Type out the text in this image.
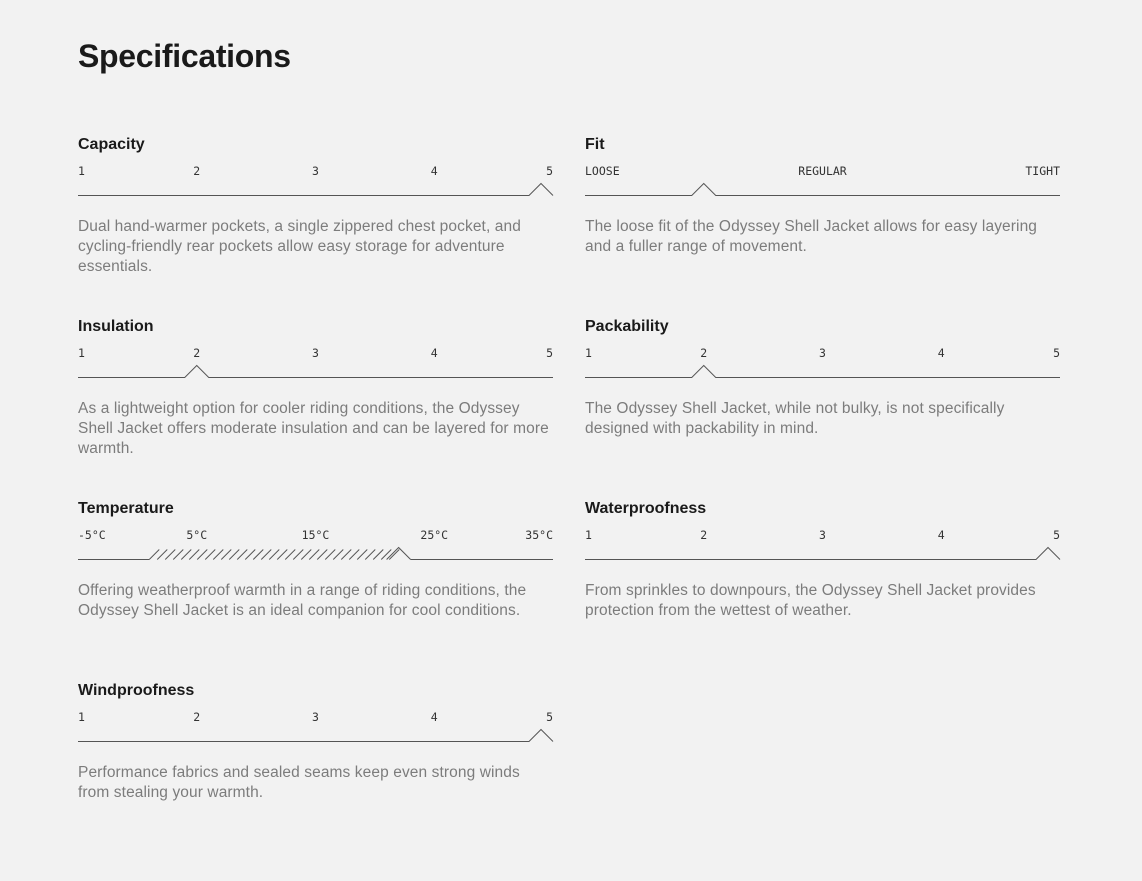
Specifications
Capacity
1	2	3	4	5

Dual hand-warmer pockets, a single zippered chest pocket, and cycling-friendly rear pockets allow easy storage for adventure essentials.

Fit
LOOSE	REGULAR	TIGHT

The loose fit of the Odyssey Shell Jacket allows for easy layering and a fuller range of movement.

Insulation
1	2	3	4	5

As a lightweight option for cooler riding conditions, the Odyssey Shell Jacket offers moderate insulation and can be layered for more warmth.

Packability
1	2	3	4	5

The Odyssey Shell Jacket, while not bulky, is not specifically designed with packability in mind.

Temperature
-5°C	5°C	15°C	25°C	35°C

Offering weatherproof warmth in a range of riding conditions, the Odyssey Shell Jacket is an ideal companion for cool conditions.

Waterproofness
1	2	3	4	5

From sprinkles to downpours, the Odyssey Shell Jacket provides protection from the wettest of weather.

Windproofness
1	2	3	4	5

Performance fabrics and sealed seams keep even strong winds from stealing your warmth.
